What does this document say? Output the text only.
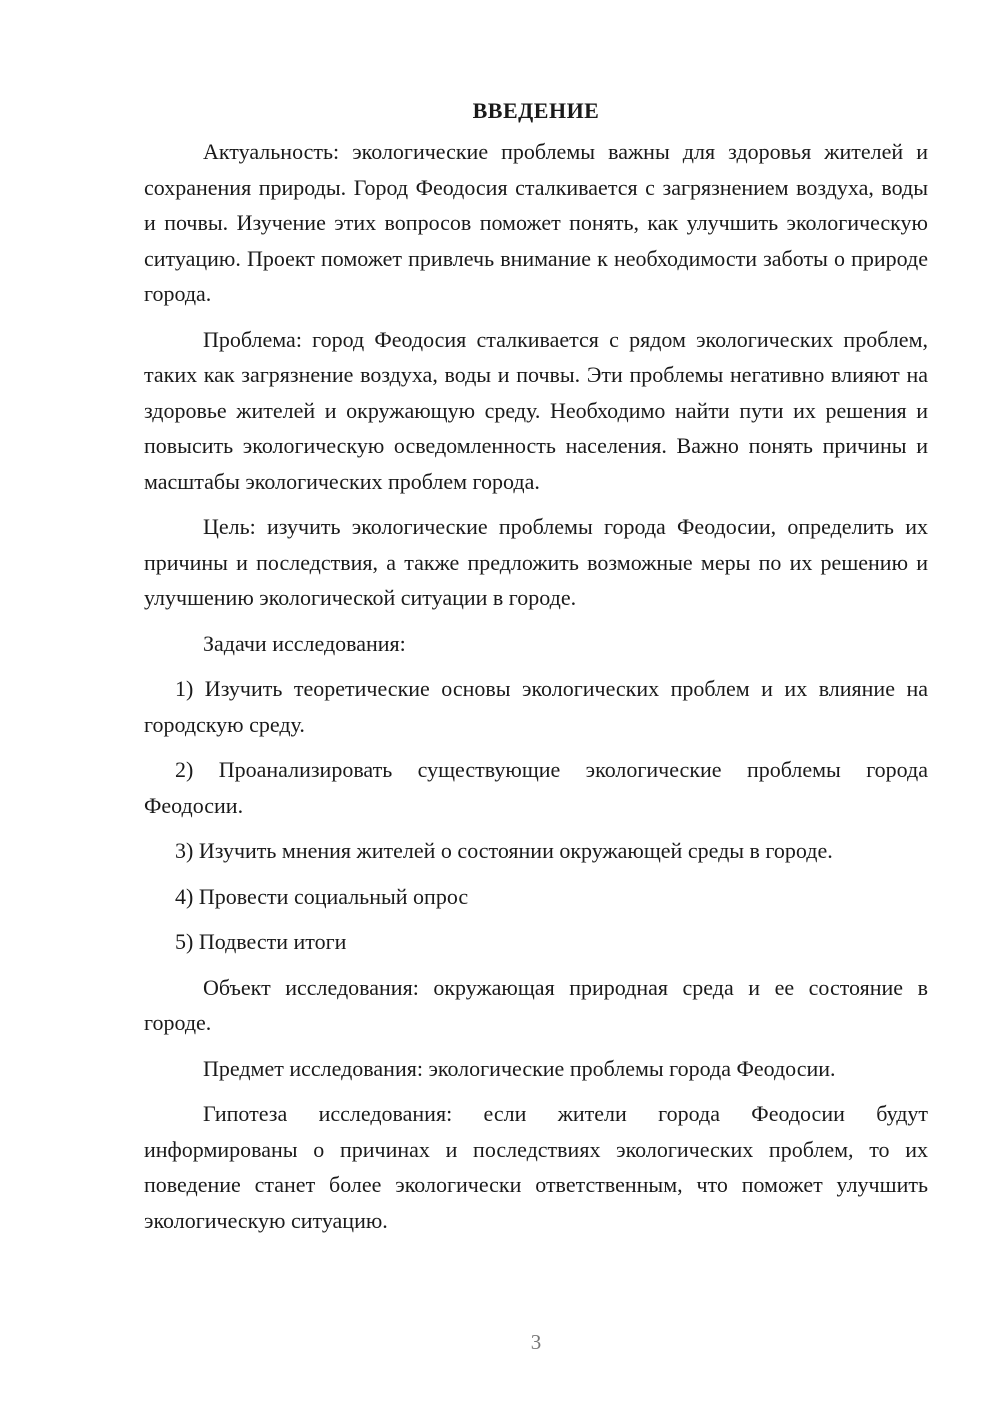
ВВЕДЕНИЕ

Актуальность: экологические проблемы важны для здоровья жителей и сохранения природы. Город Феодосия сталкивается с загрязнением воздуха, воды и почвы. Изучение этих вопросов поможет понять, как улучшить экологическую ситуацию. Проект поможет привлечь внимание к необходимости заботы о природе города.

Проблема: город Феодосия сталкивается с рядом экологических проблем, таких как загрязнение воздуха, воды и почвы. Эти проблемы негативно влияют на здоровье жителей и окружающую среду. Необходимо найти пути их решения и повысить экологическую осведомленность населения. Важно понять причины и масштабы экологических проблем города.

Цель: изучить экологические проблемы города Феодосии, определить их причины и последствия, а также предложить возможные меры по их решению и улучшению экологической ситуации в городе.

Задачи исследования:

1) Изучить теоретические основы экологических проблем и их влияние на городскую среду.

2) Проанализировать существующие экологические проблемы города Феодосии.

3) Изучить мнения жителей о состоянии окружающей среды в городе.

4) Провести социальный опрос

5) Подвести итоги

Объект исследования: окружающая природная среда и ее состояние в городе.

Предмет исследования: экологические проблемы города Феодосии.

Гипотеза исследования: если жители города Феодосии будут информированы о причинах и последствиях экологических проблем, то их поведение станет более экологически ответственным, что поможет улучшить экологическую ситуацию.

3
